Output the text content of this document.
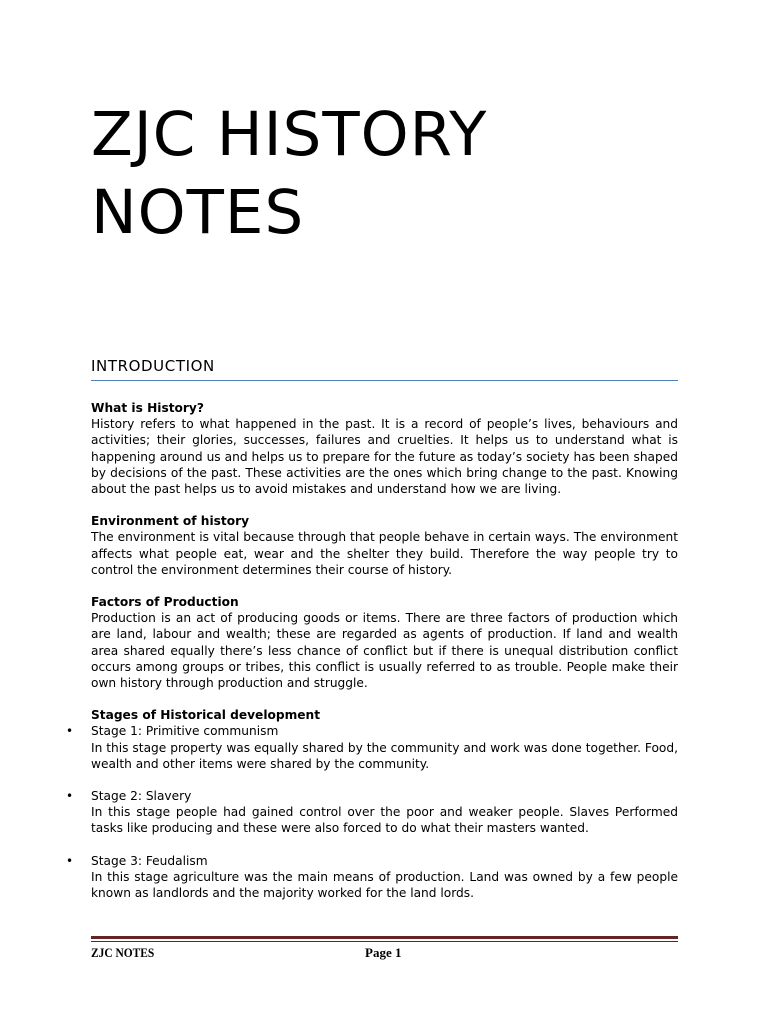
ZJC HISTORY
NOTES
INTRODUCTION
What is History?

History refers to what happened in the past. It is a record of people’s lives, behaviours and activities; their glories, successes, failures and cruelties. It helps us to understand what is happening around us and helps us to prepare for the future as today’s society has been shaped by decisions of the past. These activities are the ones which bring change to the past. Knowing about the past helps us to avoid mistakes and understand how we are living.

Environment of history

The environment is vital because through that people behave in certain ways. The environment affects what people eat, wear and the shelter they build. Therefore the way people try to control the environment determines their course of history.

Factors of Production

Production is an act of producing goods or items. There are three factors of production which are land, labour and wealth; these are regarded as agents of production. If land and wealth area shared equally there’s less chance of conflict but if there is unequal distribution conflict occurs among groups or tribes, this conflict is usually referred to as trouble. People make their own history through production and struggle.

Stages of Historical development
• Stage 1: Primitive communism

In this stage property was equally shared by the community and work was done together. Food, wealth and other items were shared by the community.

• Stage 2: Slavery

In this stage people had gained control over the poor and weaker people. Slaves Performed tasks like producing and these were also forced to do what their masters wanted.

• Stage 3: Feudalism

In this stage agriculture was the main means of production. Land was owned by a few people known as landlords and the majority worked for the land lords.

ZJC NOTES	Page 1
